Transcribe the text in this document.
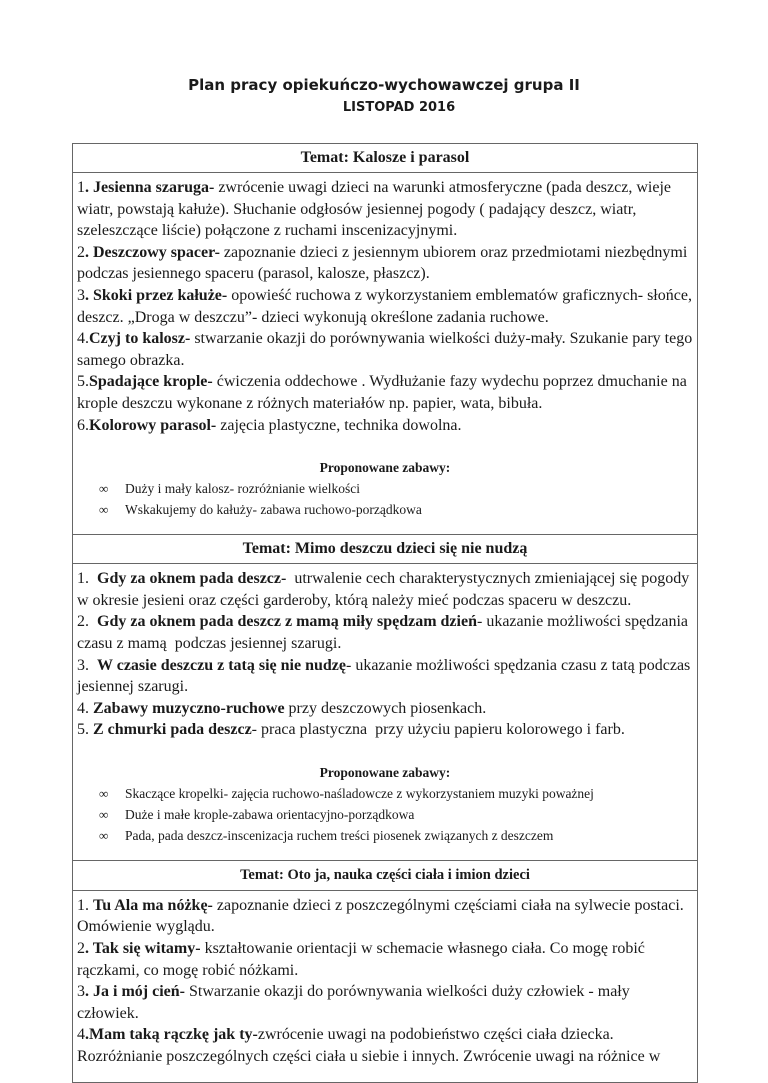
Plan pracy opiekuńczo-wychowawczej grupa II
LISTOPAD 2016
Temat: Kalosze i parasol
1. Jesienna szaruga- zwrócenie uwagi dzieci na warunki atmosferyczne (pada deszcz, wieje wiatr, powstają kałuże). Słuchanie odgłosów jesiennej pogody ( padający deszcz, wiatr, szeleszczące liście) połączone z ruchami inscenizacyjnymi.
2. Deszczowy spacer- zapoznanie dzieci z jesiennym ubiorem oraz przedmiotami niezbędnymi podczas jesiennego spaceru (parasol, kalosze, płaszcz).
3. Skoki przez kałuże- opowieść ruchowa z wykorzystaniem emblematów graficznych- słońce, deszcz. „Droga w deszczu”- dzieci wykonują określone zadania ruchowe.
4.Czyj to kalosz- stwarzanie okazji do porównywania wielkości duży-mały. Szukanie pary tego samego obrazka.
5.Spadające krople- ćwiczenia oddechowe . Wydłużanie fazy wydechu poprzez dmuchanie na krople deszczu wykonane z różnych materiałów np. papier, wata, bibuła.
6.Kolorowy parasol- zajęcia plastyczne, technika dowolna.
Proponowane zabawy:
∞ Duży i mały kalosz- rozróżnianie wielkości
∞ Wskakujemy do kałuży- zabawa ruchowo-porządkowa
Temat: Mimo deszczu dzieci się nie nudzą
1.  Gdy za oknem pada deszcz-  utrwalenie cech charakterystycznych zmieniającej się pogody w okresie jesieni oraz części garderoby, którą należy mieć podczas spaceru w deszczu.
2.  Gdy za oknem pada deszcz z mamą miły spędzam dzień- ukazanie możliwości spędzania czasu z mamą  podczas jesiennej szarugi.
3.  W czasie deszczu z tatą się nie nudzę- ukazanie możliwości spędzania czasu z tatą podczas jesiennej szarugi.
4. Zabawy muzyczno-ruchowe przy deszczowych piosenkach.
5. Z chmurki pada deszcz- praca plastyczna  przy użyciu papieru kolorowego i farb.
Proponowane zabawy:
∞ Skaczące kropelki- zajęcia ruchowo-naśladowcze z wykorzystaniem muzyki poważnej
∞ Duże i małe krople-zabawa orientacyjno-porządkowa
∞ Pada, pada deszcz-inscenizacja ruchem treści piosenek związanych z deszczem
Temat: Oto ja, nauka części ciała i imion dzieci
1. Tu Ala ma nóżkę- zapoznanie dzieci z poszczególnymi częściami ciała na sylwecie postaci. Omówienie wyglądu.
2. Tak się witamy- kształtowanie orientacji w schemacie własnego ciała. Co mogę robić rączkami, co mogę robić nóżkami.
3. Ja i mój cień- Stwarzanie okazji do porównywania wielkości duży człowiek - mały człowiek.
4.Mam taką rączkę jak ty-zwrócenie uwagi na podobieństwo części ciała dziecka. Rozróżnianie poszczególnych części ciała u siebie i innych. Zwrócenie uwagi na różnice w
